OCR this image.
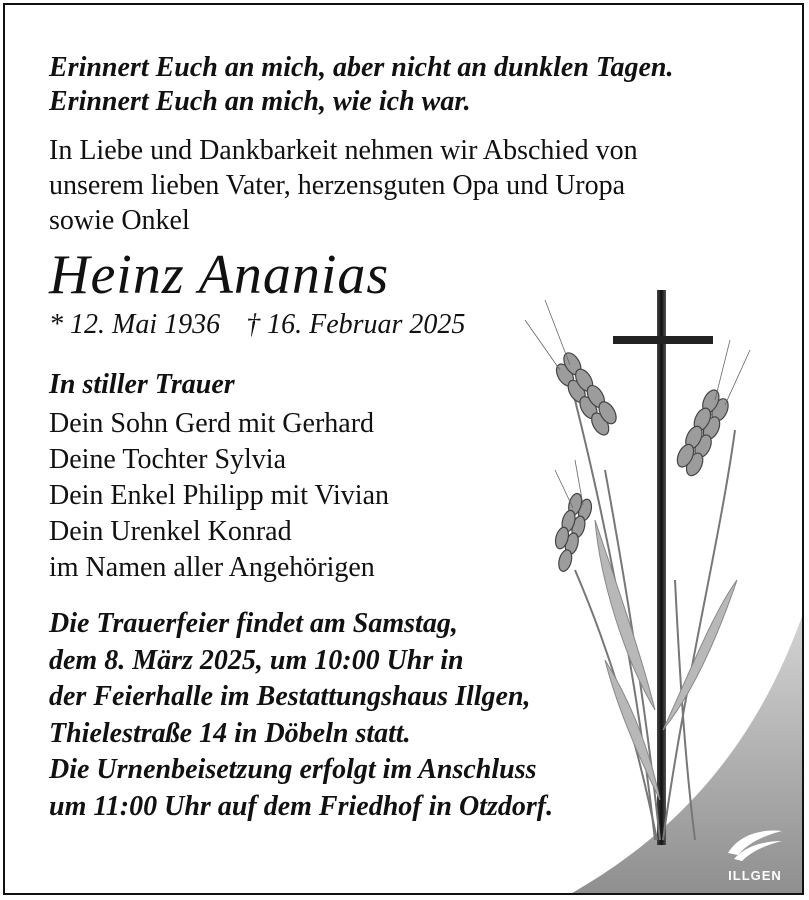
Erinnert Euch an mich, aber nicht an dunklen Tagen.
Erinnert Euch an mich, wie ich war.
In Liebe und Dankbarkeit nehmen wir Abschied von
unserem lieben Vater, herzensguten Opa und Uropa
sowie Onkel
Heinz Ananias
* 12. Mai 1936 † 16. Februar 2025
In stiller Trauer
Dein Sohn Gerd mit Gerhard
Deine Tochter Sylvia
Dein Enkel Philipp mit Vivian
Dein Urenkel Konrad
im Namen aller Angehörigen
Die Trauerfeier findet am Samstag,
dem 8. März 2025, um 10:00 Uhr in
der Feierhalle im Bestattungshaus Illgen,
Thielestraße 14 in Döbeln statt.
Die Urnenbeisetzung erfolgt im Anschluss
um 11:00 Uhr auf dem Friedhof in Otzdorf.
ILLGEN
